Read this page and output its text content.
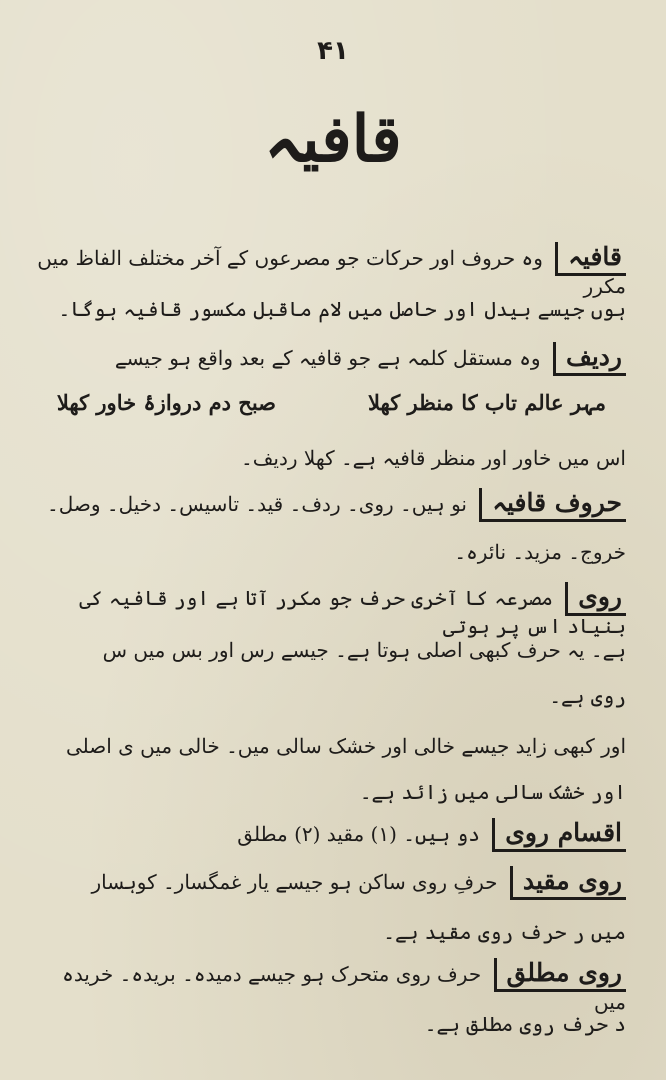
۴۱
قافیہ
قافیہ وہ حروف اور حرکات جو مصرعوں کے آخر مختلف الفاظ میں مکرر
ہوں جیسے بیدل اور حاصل میں لام ماقبل مکسور قافیہ ہوگا۔
ردیف وہ مستقل کلمہ ہے جو قافیہ کے بعد واقع ہو جیسے
صبح دم دروازۂ خاور کھلا	مہر عالم تاب کا منظر کھلا
اس میں خاور اور منظر قافیہ ہے۔ کھلا ردیف۔
حروف قافیہ نو ہیں۔ روی۔ ردف۔ قید۔ تاسیس۔ دخیل۔ وصل۔
خروج۔ مزید۔ نائرہ۔
روی مصرعہ کا آخری حرف جو مکرر آتا ہے اور قافیہ کی بنیاد اس پر ہوتی
ہے۔ یہ حرف کبھی اصلی ہوتا ہے۔ جیسے رس اور بس میں س
روی ہے۔
اور کبھی زاید جیسے خالی اور خشک سالی میں۔ خالی میں ی اصلی
اور خشک سالی میں زائد ہے۔
اقسام روی دو ہیں۔ (۱) مقید (۲) مطلق
روی مقید حرفِ روی ساکن ہو جیسے یار غمگسار۔ کوہسار
میں ر حرف روی مقید ہے۔
روی مطلق حرف روی متحرک ہو جیسے دمیدہ۔ بریدہ۔ خریدہ میں
د حرف روی مطلق ہے۔
